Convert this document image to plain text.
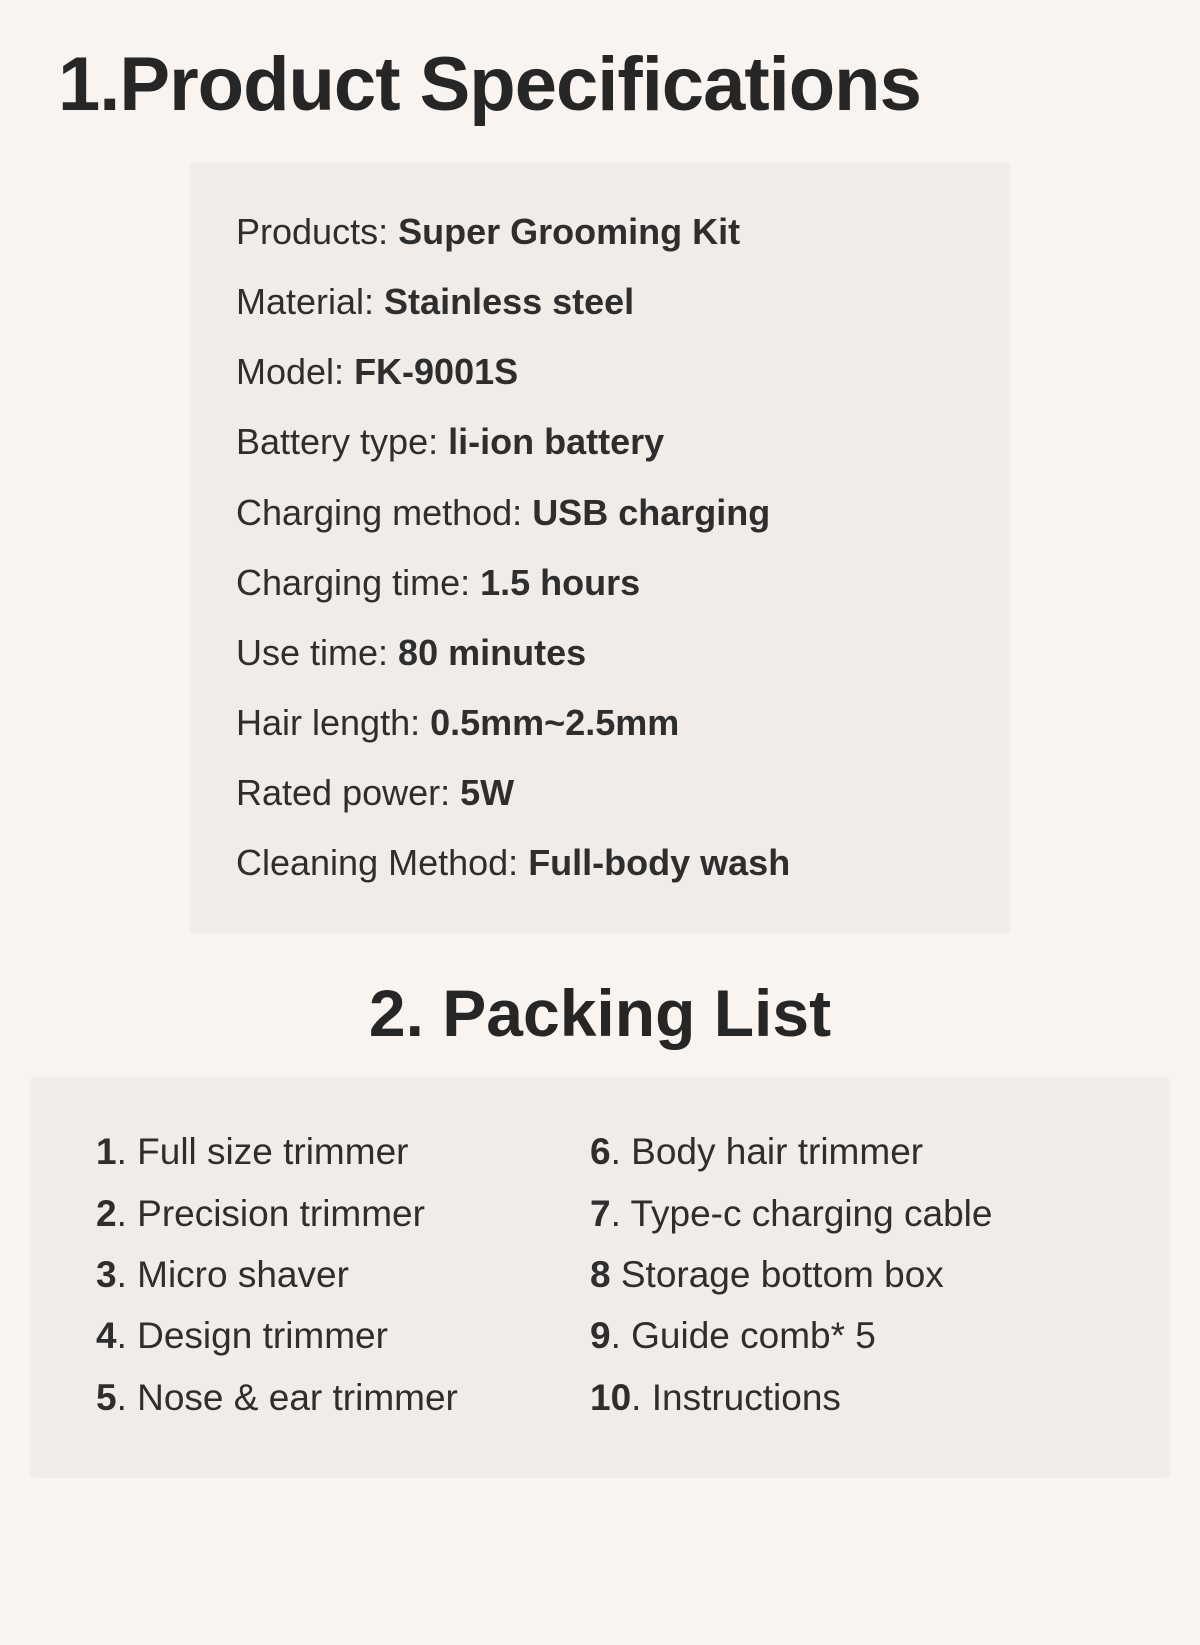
1.Product Specifications
Products: Super Grooming Kit
Material: Stainless steel
Model: FK-9001S
Battery type: li-ion battery
Charging method: USB charging
Charging time: 1.5 hours
Use time: 80 minutes
Hair length: 0.5mm~2.5mm
Rated power: 5W
Cleaning Method: Full-body wash
2. Packing List
1. Full size trimmer
2. Precision trimmer
3. Micro shaver
4. Design trimmer
5. Nose & ear trimmer
6. Body hair trimmer
7. Type-c charging cable
8 Storage bottom box
9. Guide comb* 5
10. Instructions
